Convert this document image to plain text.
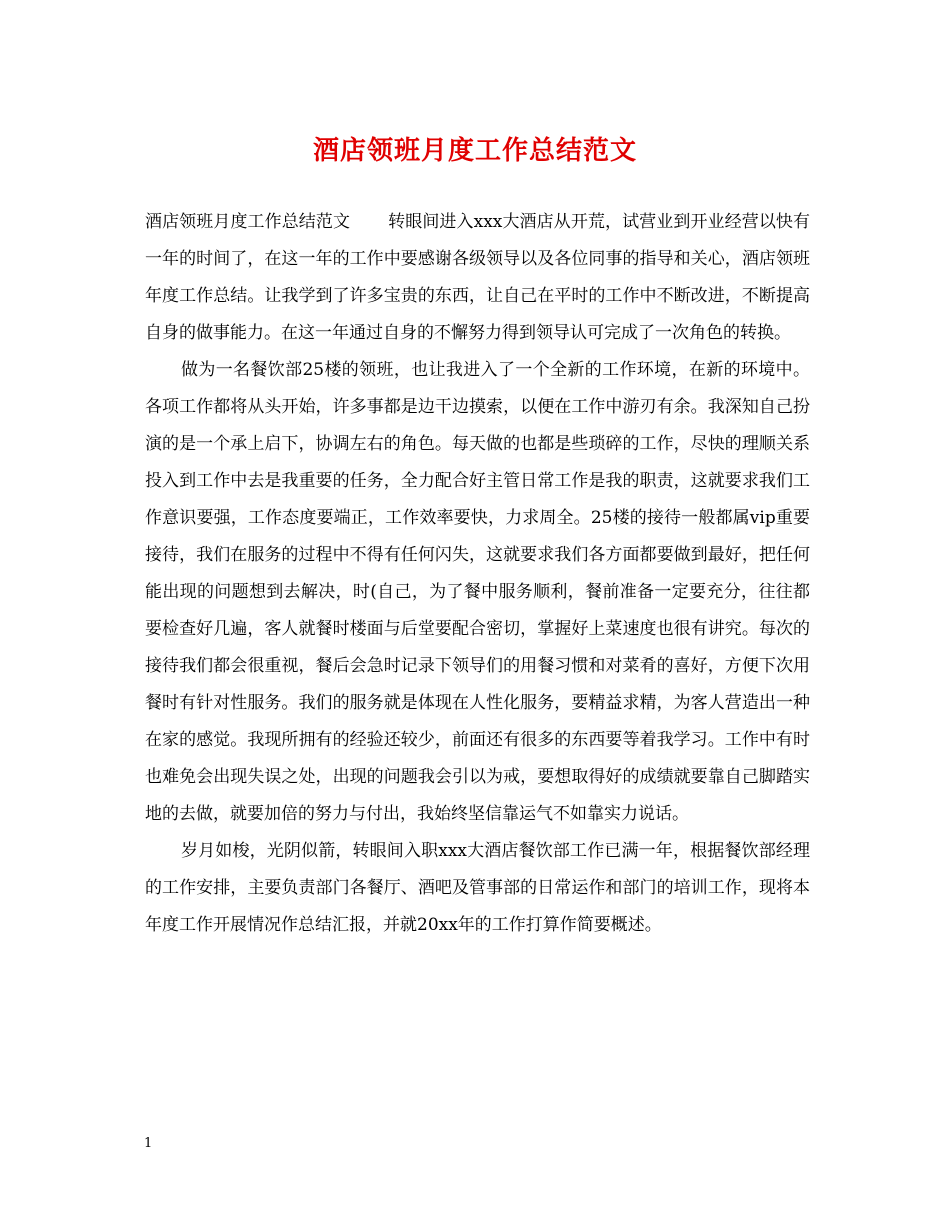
酒店领班月度工作总结范文

酒店领班月度工作总结范文 转眼间进入xxx大酒店从开荒，试营业到开业经营以快有一年的时间了，在这一年的工作中要感谢各级领导以及各位同事的指导和关心，酒店领班年度工作总结。让我学到了许多宝贵的东西，让自己在平时的工作中不断改进，不断提高自身的做事能力。在这一年通过自身的不懈努力得到领导认可完成了一次角色的转换。

做为一名餐饮部25楼的领班，也让我进入了一个全新的工作环境，在新的环境中。各项工作都将从头开始，许多事都是边干边摸索，以便在工作中游刃有余。我深知自己扮演的是一个承上启下，协调左右的角色。每天做的也都是些琐碎的工作，尽快的理顺关系投入到工作中去是我重要的任务，全力配合好主管日常工作是我的职责，这就要求我们工作意识要强，工作态度要端正，工作效率要快，力求周全。25楼的接待一般都属vip重要接待，我们在服务的过程中不得有任何闪失，这就要求我们各方面都要做到最好，把任何能出现的问题想到去解决，时(自己，为了餐中服务顺利，餐前准备一定要充分，往往都要检查好几遍，客人就餐时楼面与后堂要配合密切，掌握好上菜速度也很有讲究。每次的接待我们都会很重视，餐后会急时记录下领导们的用餐习惯和对菜肴的喜好，方便下次用餐时有针对性服务。我们的服务就是体现在人性化服务，要精益求精，为客人营造出一种在家的感觉。我现所拥有的经验还较少，前面还有很多的东西要等着我学习。工作中有时也难免会出现失误之处，出现的问题我会引以为戒，要想取得好的成绩就要靠自己脚踏实地的去做，就要加倍的努力与付出，我始终坚信靠运气不如靠实力说话。

岁月如梭，光阴似箭，转眼间入职xxx大酒店餐饮部工作已满一年，根据餐饮部经理的工作安排，主要负责部门各餐厅、酒吧及管事部的日常运作和部门的培训工作，现将本年度工作开展情况作总结汇报，并就20xx年的工作打算作简要概述。

1
